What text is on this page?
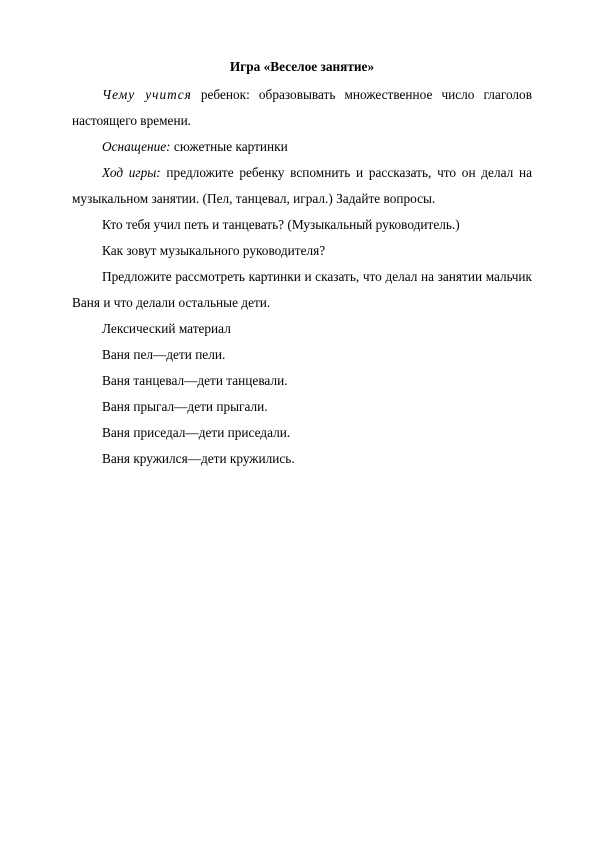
Игра «Веселое занятие»

Чему учится ребенок: образовывать множественное число глаголов настоящего времени.

Оснащение: сюжетные картинки

Ход игры: предложите ребенку вспомнить и рассказать, что он делал на музыкальном занятии. (Пел, танцевал, играл.) Задайте вопросы.

Кто тебя учил петь и танцевать? (Музыкальный руководитель.)

Как зовут музыкального руководителя?

Предложите рассмотреть картинки и сказать, что делал на занятии мальчик Ваня и что делали остальные дети.

Лексический материал

Ваня пел—дети пели.

Ваня танцевал—дети танцевали.

Ваня прыгал—дети прыгали.

Ваня приседал—дети приседали.

Ваня кружился—дети кружились.
